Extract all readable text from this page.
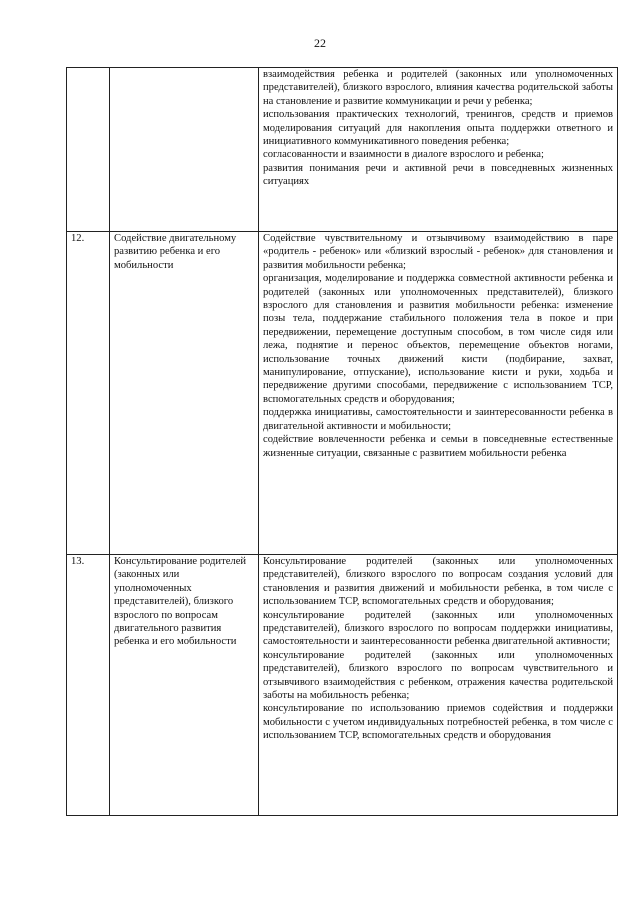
22

		взаимодействия ребенка и родителей (законных или уполномоченных представителей), близкого взрослого, влияния качества родительской заботы на становление и развитие коммуникации и речи у ребенка;

использования практических технологий, тренингов, средств и приемов моделирования ситуаций для накопления опыта поддержки ответного и инициативного коммуникативного поведения ребенка;

согласованности и взаимности в диалоге взрослого и ребенка;

развития понимания речи и активной речи в повседневных жизненных ситуациях

12.	Содействие двигательному развитию ребенка и его мобильности	Содействие чувствительному и отзывчивому взаимодействию в паре «родитель - ребенок» или «близкий взрослый - ребенок» для становления и развития мобильности ребенка;

организация, моделирование и поддержка совместной активности ребенка и родителей (законных или уполномоченных представителей), близкого взрослого для становления и развития мобильности ребенка: изменение позы тела, поддержание стабильного положения тела в покое и при передвижении, перемещение доступным способом, в том числе сидя или лежа, поднятие и перенос объектов, перемещение объектов ногами, использование точных движений кисти (подбирание, захват, манипулирование, отпускание), использование кисти и руки, ходьба и передвижение другими способами, передвижение с использованием ТСР, вспомогательных средств и оборудования;

поддержка инициативы, самостоятельности и заинтересованности ребенка в двигательной активности и мобильности;

содействие вовлеченности ребенка и семьи в повседневные естественные жизненные ситуации, связанные с развитием мобильности ребенка

13.	Консультирование родителей (законных или уполномоченных представителей), близкого взрослого по вопросам двигательного развития ребенка и его мобильности	Консультирование родителей (законных или уполномоченных представителей), близкого взрослого по вопросам создания условий для становления и развития движений и мобильности ребенка, в том числе с использованием ТСР, вспомогательных средств и оборудования;

консультирование родителей (законных или уполномоченных представителей), близкого взрослого по вопросам поддержки инициативы, самостоятельности и заинтересованности ребенка двигательной активности;

консультирование родителей (законных или уполномоченных представителей), близкого взрослого по вопросам чувствительного и отзывчивого взаимодействия с ребенком, отражения качества родительской заботы на мобильность ребенка;

консультирование по использованию приемов содействия и поддержки мобильности с учетом индивидуальных потребностей ребенка, в том числе с использованием ТСР, вспомогательных средств и оборудования
